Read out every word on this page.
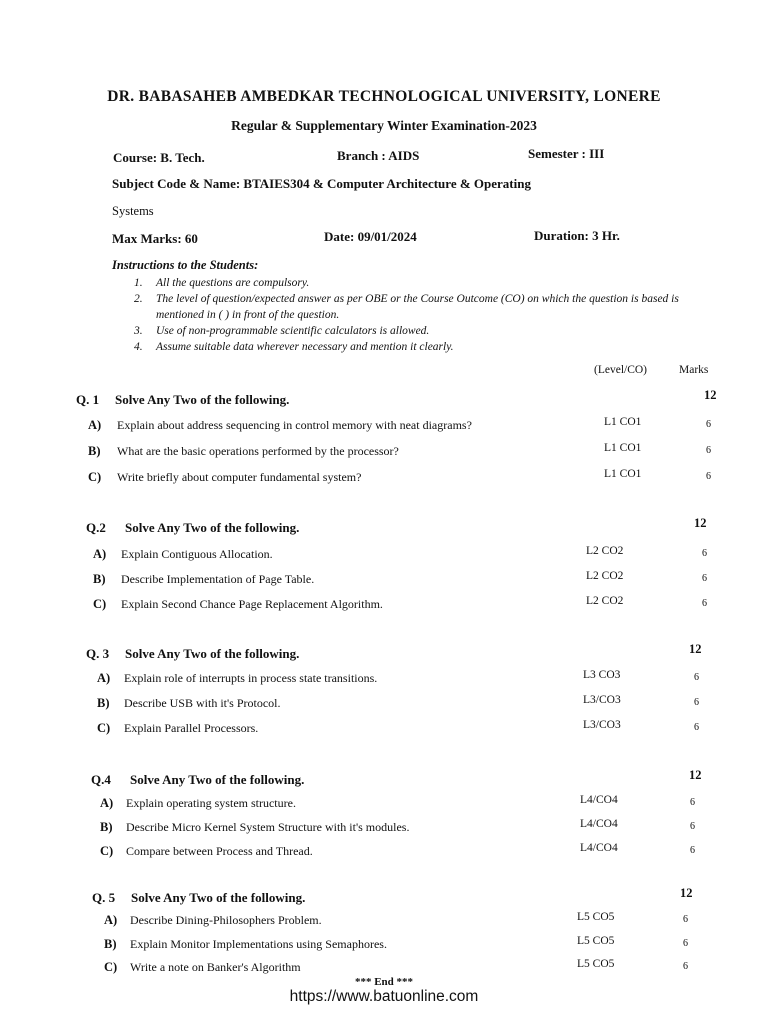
DR. BABASAHEB AMBEDKAR TECHNOLOGICAL UNIVERSITY, LONERE
Regular & Supplementary Winter Examination-2023
Course: B. Tech.	Branch : AIDS	Semester : III
Subject Code & Name: BTAIES304 & Computer Architecture & Operating
Systems
Max Marks: 60	Date: 09/01/2024	Duration: 3 Hr.
Instructions to the Students:
1.	All the questions are compulsory.
2.	The level of question/expected answer as per OBE or the Course Outcome (CO) on which the question is based is mentioned in ( ) in front of the question.
3.	Use of non-programmable scientific calculators is allowed.
4.	Assume suitable data wherever necessary and mention it clearly.
(Level/CO)	Marks
Q. 1 Solve Any Two of the following.	12
A) Explain about address sequencing in control memory with neat diagrams?	L1 CO1	6
B) What are the basic operations performed by the processor?	L1 CO1	6
C) Write briefly about computer fundamental system?	L1 CO1	6
Q.2 Solve Any Two of the following.	12
A) Explain Contiguous Allocation.	L2 CO2	6
B) Describe Implementation of Page Table.	L2 CO2	6
C) Explain Second Chance Page Replacement Algorithm.	L2 CO2	6
Q. 3 Solve Any Two of the following.	12
A) Explain role of interrupts in process state transitions.	L3 CO3	6
B) Describe USB with it's Protocol.	L3/CO3	6
C) Explain Parallel Processors.	L3/CO3	6
Q.4 Solve Any Two of the following.	12
A) Explain operating system structure.	L4/CO4	6
B) Describe Micro Kernel System Structure with it's modules.	L4/CO4	6
C) Compare between Process and Thread.	L4/CO4	6
Q. 5 Solve Any Two of the following.	12
A) Describe Dining-Philosophers Problem.	L5 CO5	6
B) Explain Monitor Implementations using Semaphores.	L5 CO5	6
C) Write a note on Banker's Algorithm	L5 CO5	6
*** End ***
https://www.batuonline.com
